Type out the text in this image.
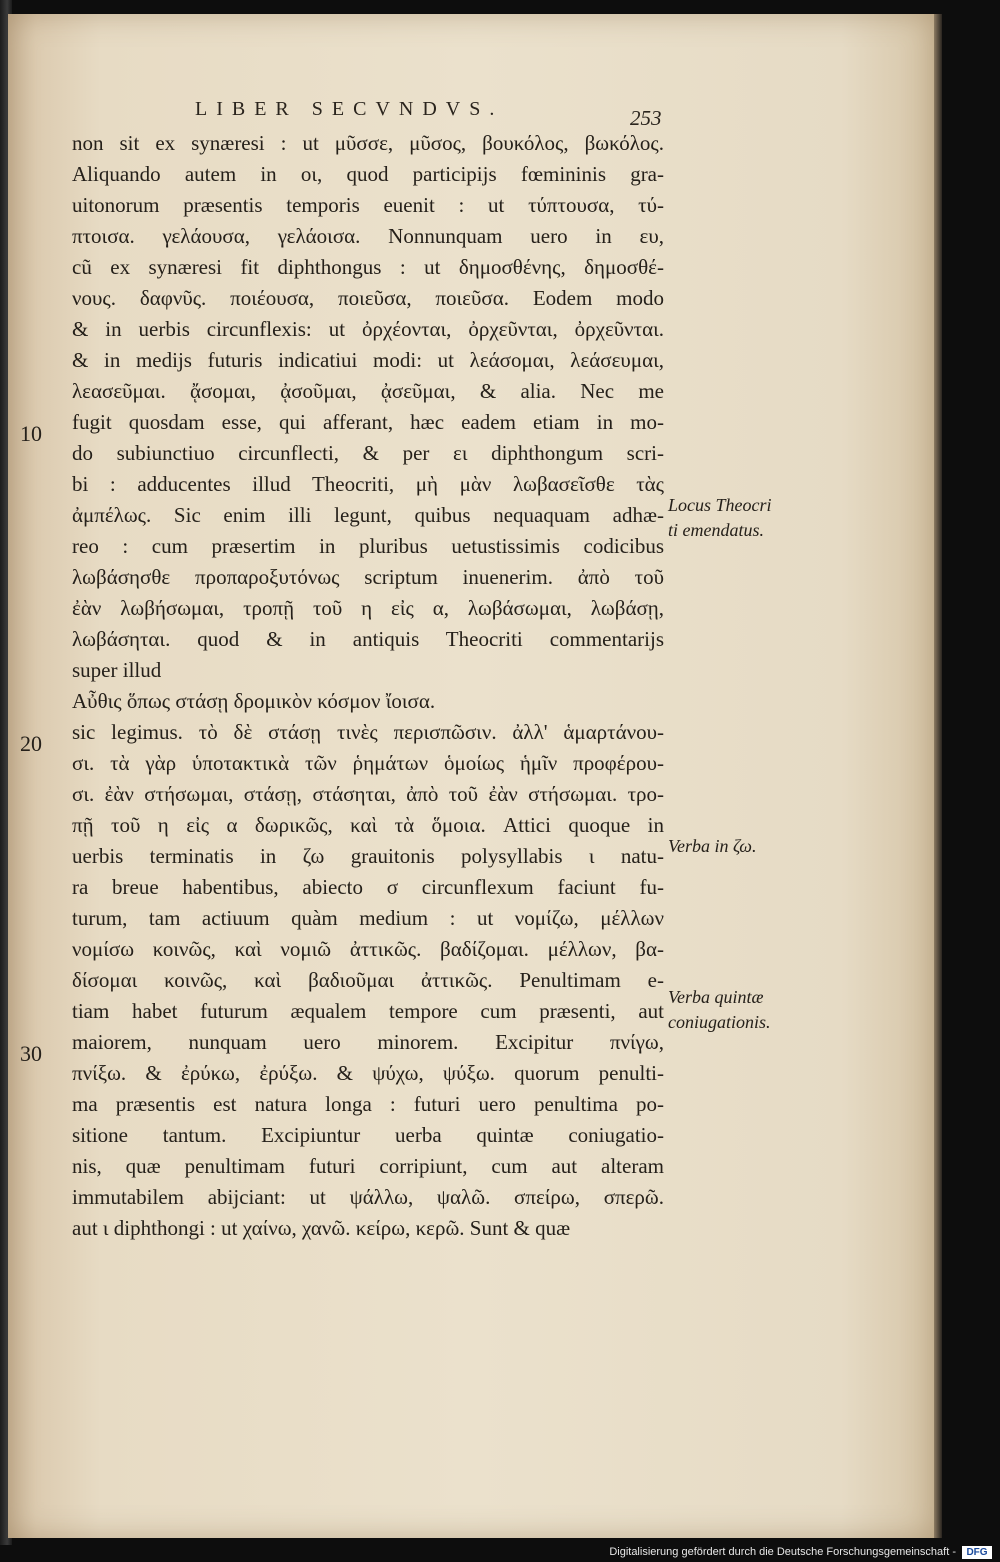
LIBER SECVNDVS.	253
non sit ex synæresi : ut μῦσσε, μῦσος, βουκόλος, βωκόλος.
Aliquando autem in οι, quod participijs fœmininis gra-
uitonorum præsentis temporis euenit : ut τύπτουσα, τύ-
πτοισα. γελάουσα, γελάοισα. Nonnunquam uero in ευ,
cũ ex synæresi fit diphthongus : ut δημοσθένης, δημοσθέ-
νους. δαφνῦς. ποιέουσα, ποιεῦσα, ποιεῦσα. Eodem modo
& in uerbis circunflexis: ut ὀρχέονται, ὀρχεῦνται, ὀρχεῦνται.
& in medijs futuris indicatiui modi: ut λεάσομαι, λεάσευμαι,
λεασεῦμαι. ᾄσομαι, ᾀσοῦμαι, ᾀσεῦμαι, & alia. Nec me
fugit quosdam esse, qui afferant, hæc eadem etiam in mo-
do subiunctiuo circunflecti, & per ει diphthongum scri-
bi : adducentes illud Theocriti, μὴ μὰν λωβασεῖσθε τὰς
ἀμπέλως. Sic enim illi legunt, quibus nequaquam adhæ-
reo : cum præsertim in pluribus uetustissimis codicibus
λωβάσησθε προπαροξυτόνως scriptum inuenerim. ἀπὸ τοῦ
ἐὰν λωβήσωμαι, τροπῇ τοῦ η εἰς α, λωβάσωμαι, λωβάσῃ,
λωβάσηται. quod & in antiquis Theocriti commentarijs
super illud
Αὖθις ὅπως στάσῃ δρομικὸν κόσμον ἴοισα.
sic legimus. τὸ δὲ στάσῃ τινὲς περισπῶσιν. ἀλλ' ἁμαρτάνου-
σι. τὰ γὰρ ὑποτακτικὰ τῶν ῥημάτων ὁμοίως ἡμῖν προφέρου-
σι. ἐὰν στήσωμαι, στάσῃ, στάσηται, ἀπὸ τοῦ ἐὰν στήσωμαι. τρο-
πῇ τοῦ η εἰς α δωρικῶς, καὶ τὰ ὅμοια. Attici quoque in
uerbis terminatis in ζω grauitonis polysyllabis ι natu-
ra breue habentibus, abiecto σ circunflexum faciunt fu-
turum, tam actiuum quàm medium : ut νομίζω, μέλλων
νομίσω κοινῶς, καὶ νομιῶ ἀττικῶς. βαδίζομαι. μέλλων, βα-
δίσομαι κοινῶς, καὶ βαδιοῦμαι ἀττικῶς. Penultimam e-
tiam habet futurum æqualem tempore cum præsenti, aut
maiorem, nunquam uero minorem. Excipitur πνίγω,
πνίξω. & ἐρύκω, ἐρύξω. & ψύχω, ψύξω. quorum penulti-
ma præsentis est natura longa : futuri uero penultima po-
sitione tantum. Excipiuntur uerba quintæ coniugatio-
nis, quæ penultimam futuri corripiunt, cum aut alteram
immutabilem abijciant: ut ψάλλω, ψαλῶ. σπείρω, σπερῶ.
aut ι diphthongi : ut χαίνω, χανῶ. κείρω, κερῶ. Sunt & quæ
10
20
30
Locus Theocri
ti emendatus.
Verba in ζω.
Verba quintæ
coniugationis.
Digitalisierung gefördert durch die Deutsche Forschungsgemeinschaft -	DFG
